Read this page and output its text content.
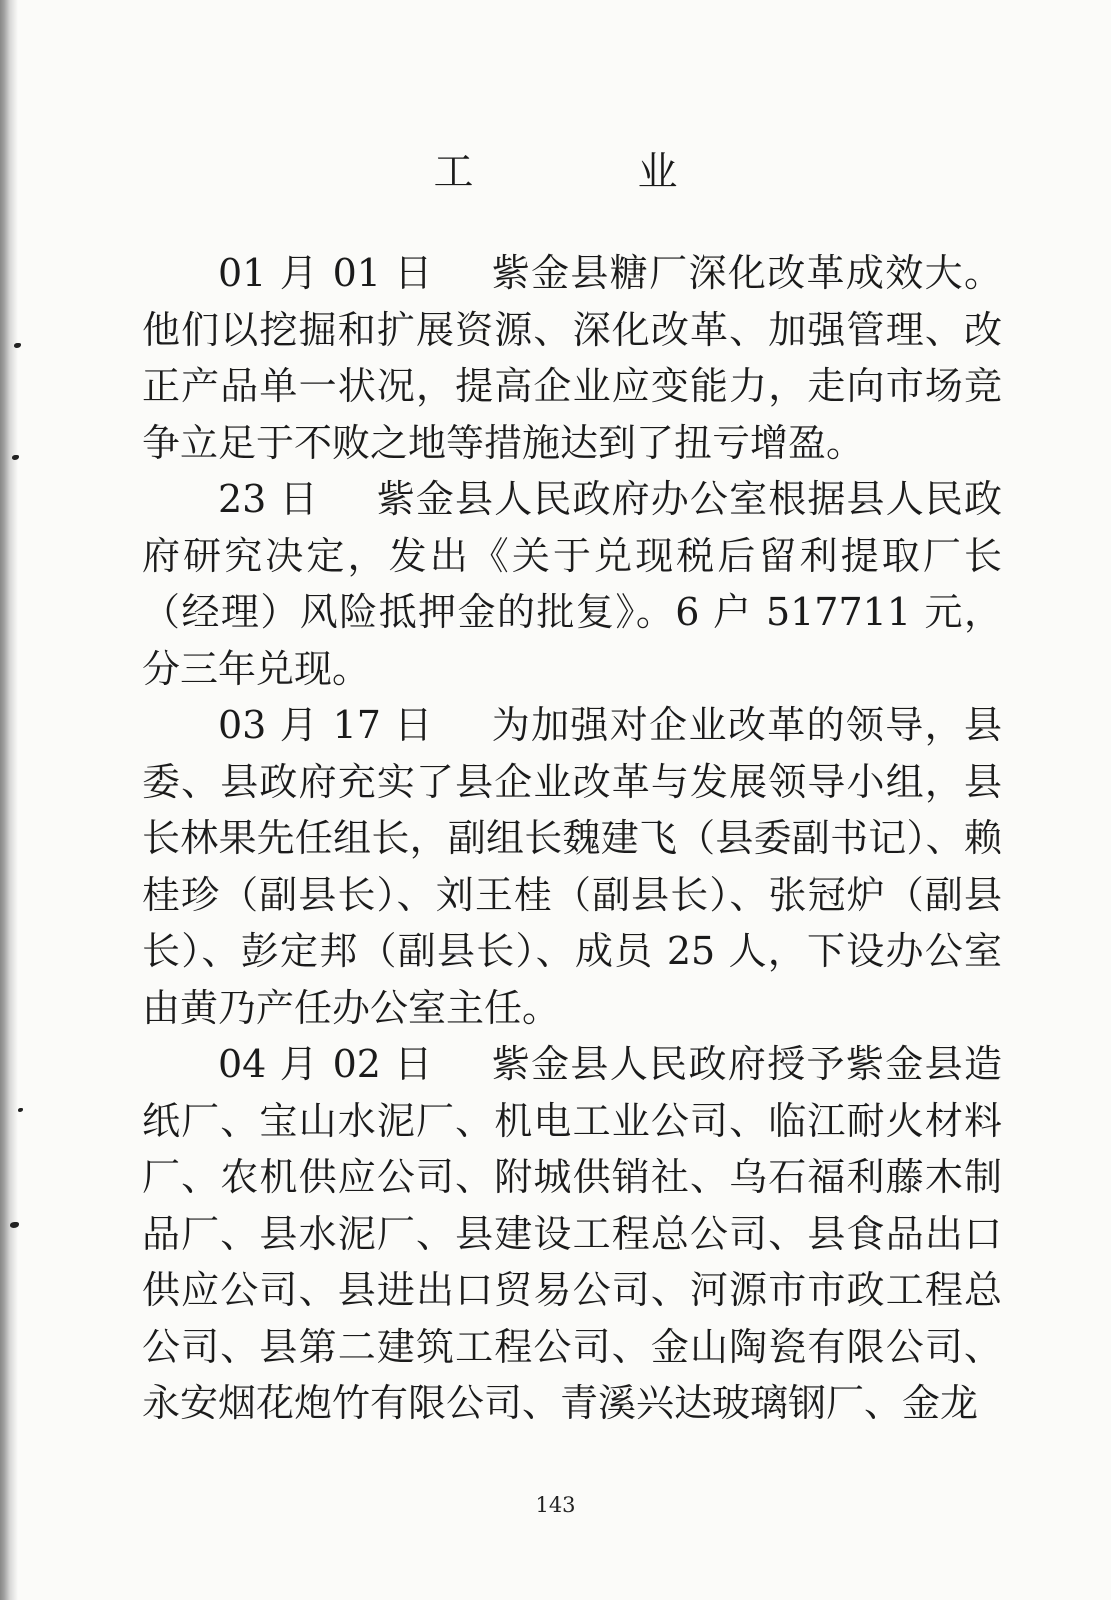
工　业

01 月 01 日 紫金县糖厂深化改革成效大。他们以挖掘和扩展资源、深化改革、加强管理、改正产品单一状况，提高企业应变能力，走向市场竞争立足于不败之地等措施达到了扭亏增盈。

23 日 紫金县人民政府办公室根据县人民政府研究决定，发出《关于兑现税后留利提取厂长（经理）风险抵押金的批复》。6 户 517711 元，分三年兑现。

03 月 17 日 为加强对企业改革的领导，县委、县政府充实了县企业改革与发展领导小组，县长林果先任组长，副组长魏建飞（县委副书记）、赖桂珍（副县长）、刘王桂（副县长）、张冠炉（副县长）、彭定邦（副县长）、成员 25 人，下设办公室由黄乃产任办公室主任。

04 月 02 日 紫金县人民政府授予紫金县造纸厂、宝山水泥厂、机电工业公司、临江耐火材料厂、农机供应公司、附城供销社、乌石福利藤木制品厂、县水泥厂、县建设工程总公司、县食品出口供应公司、县进出口贸易公司、河源市市政工程总公司、县第二建筑工程公司、金山陶瓷有限公司、永安烟花炮竹有限公司、青溪兴达玻璃钢厂、金龙

143
